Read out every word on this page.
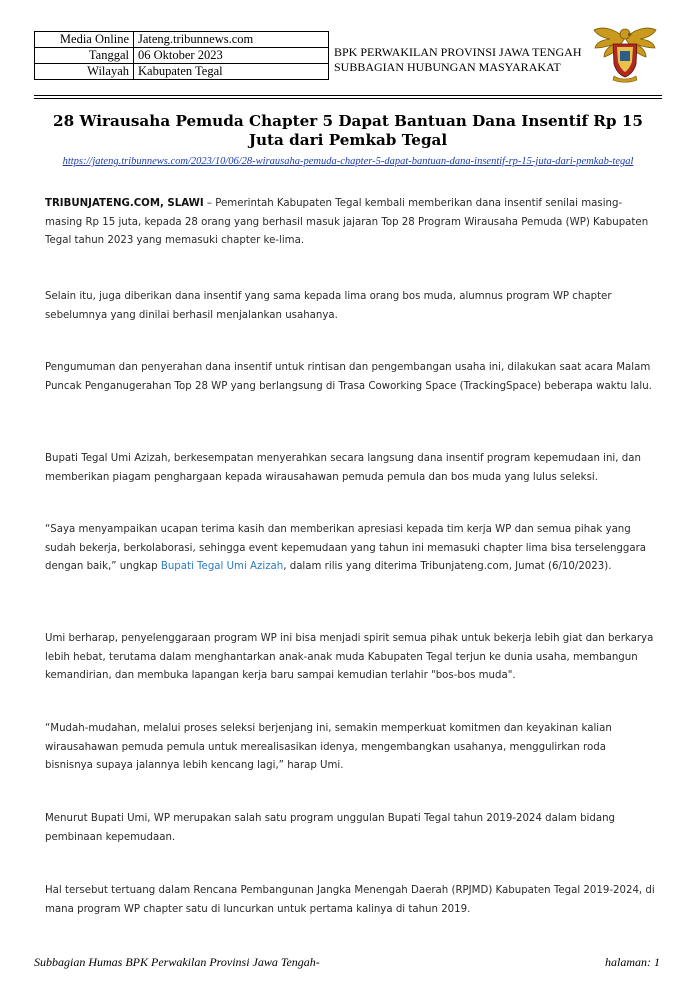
Media Online	Jateng.tribunnews.com
Tanggal	06 Oktober 2023
Wilayah	Kabupaten Tegal
BPK PERWAKILAN PROVINSI JAWA TENGAH
SUBBAGIAN HUBUNGAN MASYARAKAT
28 Wirausaha Pemuda Chapter 5 Dapat Bantuan Dana Insentif Rp 15 Juta dari Pemkab Tegal
https://jateng.tribunnews.com/2023/10/06/28-wirausaha-pemuda-chapter-5-dapat-bantuan-dana-insentif-rp-15-juta-dari-pemkab-tegal

TRIBUNJATENG.COM, SLAWI – Pemerintah Kabupaten Tegal kembali memberikan dana insentif senilai masing-masing Rp 15 juta, kepada 28 orang yang berhasil masuk jajaran Top 28 Program Wirausaha Pemuda (WP) Kabupaten Tegal tahun 2023 yang memasuki chapter ke-lima.

Selain itu, juga diberikan dana insentif yang sama kepada lima orang bos muda, alumnus program WP chapter sebelumnya yang dinilai berhasil menjalankan usahanya.

Pengumuman dan penyerahan dana insentif untuk rintisan dan pengembangan usaha ini, dilakukan saat acara Malam Puncak Penganugerahan Top 28 WP yang berlangsung di Trasa Coworking Space (TrackingSpace) beberapa waktu lalu.

Bupati Tegal Umi Azizah, berkesempatan menyerahkan secara langsung dana insentif program kepemudaan ini, dan memberikan piagam penghargaan kepada wirausahawan pemuda pemula dan bos muda yang lulus seleksi.

“Saya menyampaikan ucapan terima kasih dan memberikan apresiasi kepada tim kerja WP dan semua pihak yang sudah bekerja, berkolaborasi, sehingga event kepemudaan yang tahun ini memasuki chapter lima bisa terselenggara dengan baik,” ungkap Bupati Tegal Umi Azizah, dalam rilis yang diterima Tribunjateng.com, Jumat (6/10/2023).

Umi berharap, penyelenggaraan program WP ini bisa menjadi spirit semua pihak untuk bekerja lebih giat dan berkarya lebih hebat, terutama dalam menghantarkan anak-anak muda Kabupaten Tegal terjun ke dunia usaha, membangun kemandirian, dan membuka lapangan kerja baru sampai kemudian terlahir "bos-bos muda".

“Mudah-mudahan, melalui proses seleksi berjenjang ini, semakin memperkuat komitmen dan keyakinan kalian wirausahawan pemuda pemula untuk merealisasikan idenya, mengembangkan usahanya, menggulirkan roda bisnisnya supaya jalannya lebih kencang lagi,” harap Umi.

Menurut Bupati Umi, WP merupakan salah satu program unggulan Bupati Tegal tahun 2019-2024 dalam bidang pembinaan kepemudaan.

Hal tersebut tertuang dalam Rencana Pembangunan Jangka Menengah Daerah (RPJMD) Kabupaten Tegal 2019-2024, di mana program WP chapter satu di luncurkan untuk pertama kalinya di tahun 2019.

Subbagian Humas BPK Perwakilan Provinsi Jawa Tengah-	halaman: 1
